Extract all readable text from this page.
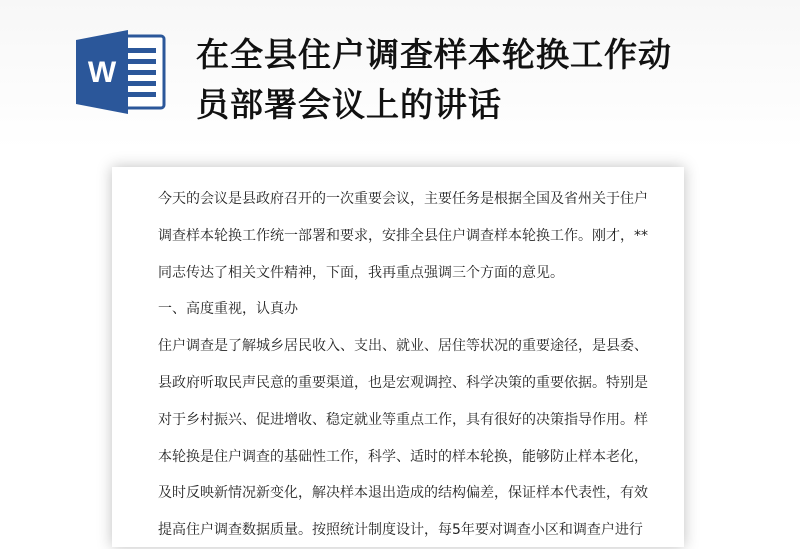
W 在全县住户调查样本轮换工作动
员部署会议上的讲话
今天的会议是县政府召开的一次重要会议，主要任务是根据全国及省州关于住户
调查样本轮换工作统一部署和要求，安排全县住户调查样本轮换工作。刚才，**
同志传达了相关文件精神，下面，我再重点强调三个方面的意见。
一、高度重视，认真办
住户调查是了解城乡居民收入、支出、就业、居住等状况的重要途径，是县委、
县政府听取民声民意的重要渠道，也是宏观调控、科学决策的重要依据。特别是
对于乡村振兴、促进增收、稳定就业等重点工作，具有很好的决策指导作用。样
本轮换是住户调查的基础性工作，科学、适时的样本轮换，能够防止样本老化，
及时反映新情况新变化，解决样本退出造成的结构偏差，保证样本代表性，有效
提高住户调查数据质量。按照统计制度设计，每5年要对调查小区和调查户进行
